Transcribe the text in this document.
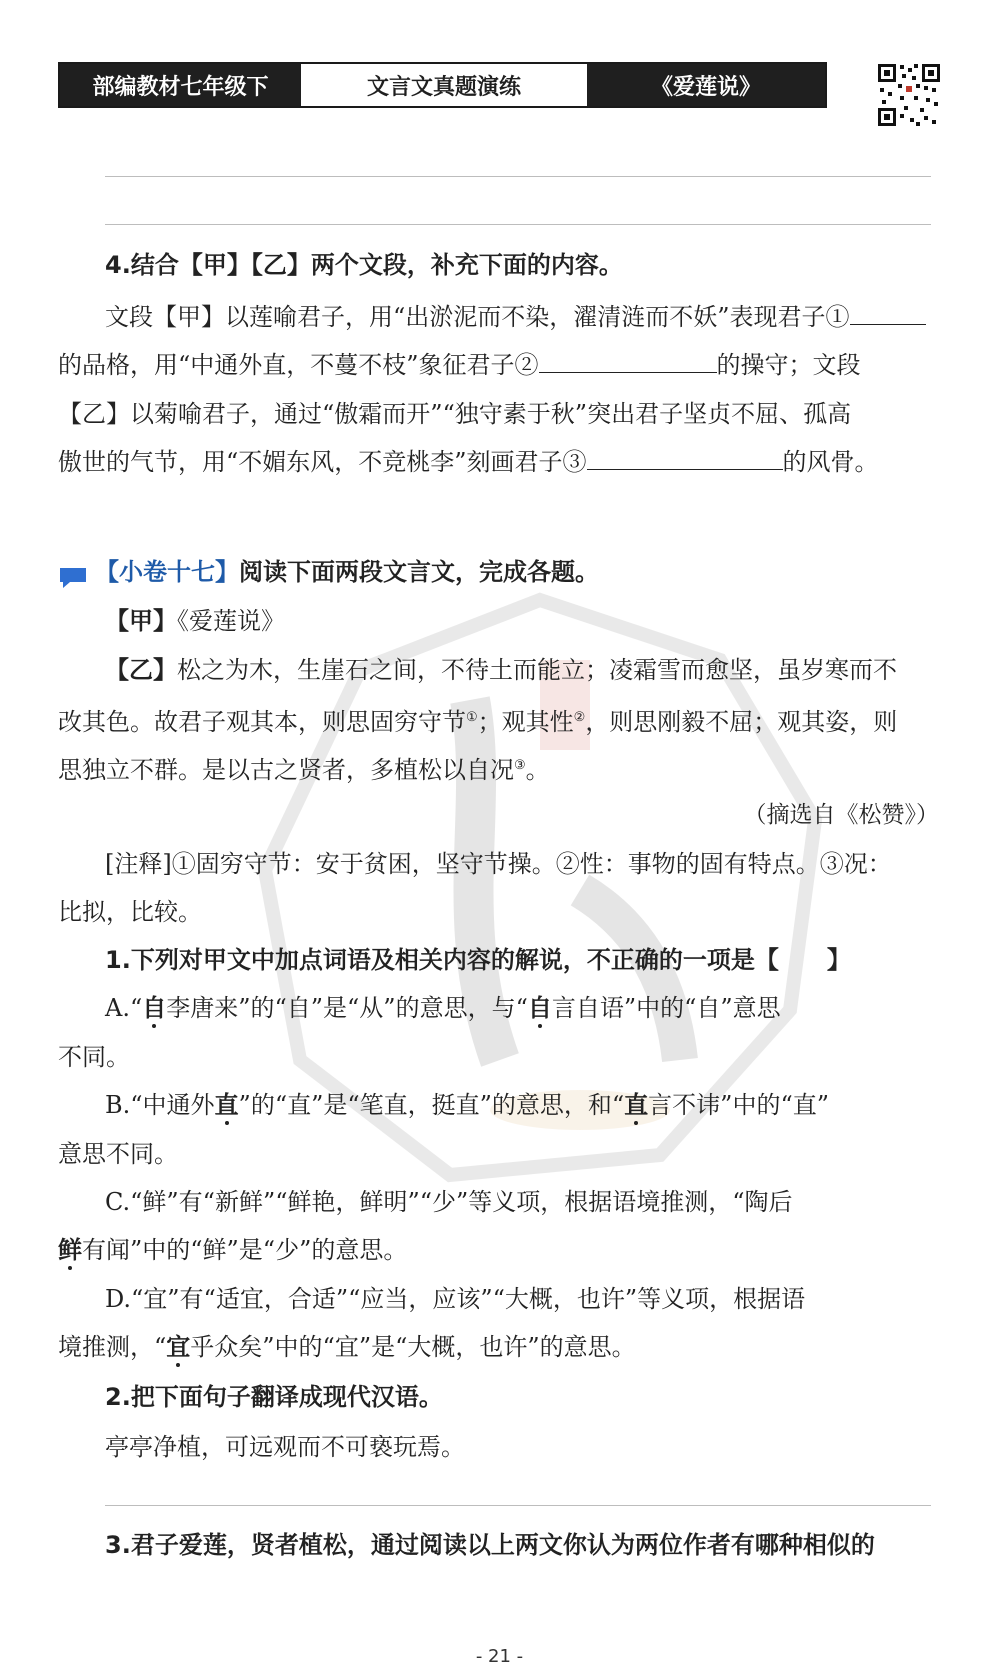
部编教材七年级下	文言文真题演练	《爱莲说》
4.结合【甲】【乙】两个文段，补充下面的内容。
文段【甲】以莲喻君子，用“出淤泥而不染，濯清涟而不妖”表现君子①
的品格，用“中通外直，不蔓不枝”象征君子②	的操守；文段
【乙】以菊喻君子，通过“傲霜而开”“独守素于秋”突出君子坚贞不屈、孤高
傲世的气节，用“不媚东风，不竞桃李”刻画君子③	的风骨。
【小卷十七】阅读下面两段文言文，完成各题。
【甲】《爱莲说》
【乙】松之为木，生崖石之间，不待土而能立；凌霜雪而愈坚，虽岁寒而不
改其色。故君子观其本，则思固穷守节①；观其性②，则思刚毅不屈；观其姿，则
思独立不群。是以古之贤者，多植松以自况③。
（摘选自《松赞》）
[注释]①固穷守节：安于贫困，坚守节操。②性：事物的固有特点。③况：
比拟，比较。
1.下列对甲文中加点词语及相关内容的解说，不正确的一项是【　　】
A.“自李唐来”的“自”是“从”的意思，与“自言自语”中的“自”意思
不同。
B.“中通外直”的“直”是“笔直，挺直”的意思，和“直言不讳”中的“直”
意思不同。
C.“鲜”有“新鲜”“鲜艳，鲜明”“少”等义项，根据语境推测，“陶后
鲜有闻”中的“鲜”是“少”的意思。
D.“宜”有“适宜，合适”“应当，应该”“大概，也许”等义项，根据语
境推测，“宜乎众矣”中的“宜”是“大概，也许”的意思。
2.把下面句子翻译成现代汉语。
亭亭净植，可远观而不可亵玩焉。
3.君子爱莲，贤者植松，通过阅读以上两文你认为两位作者有哪种相似的
- 21 -
